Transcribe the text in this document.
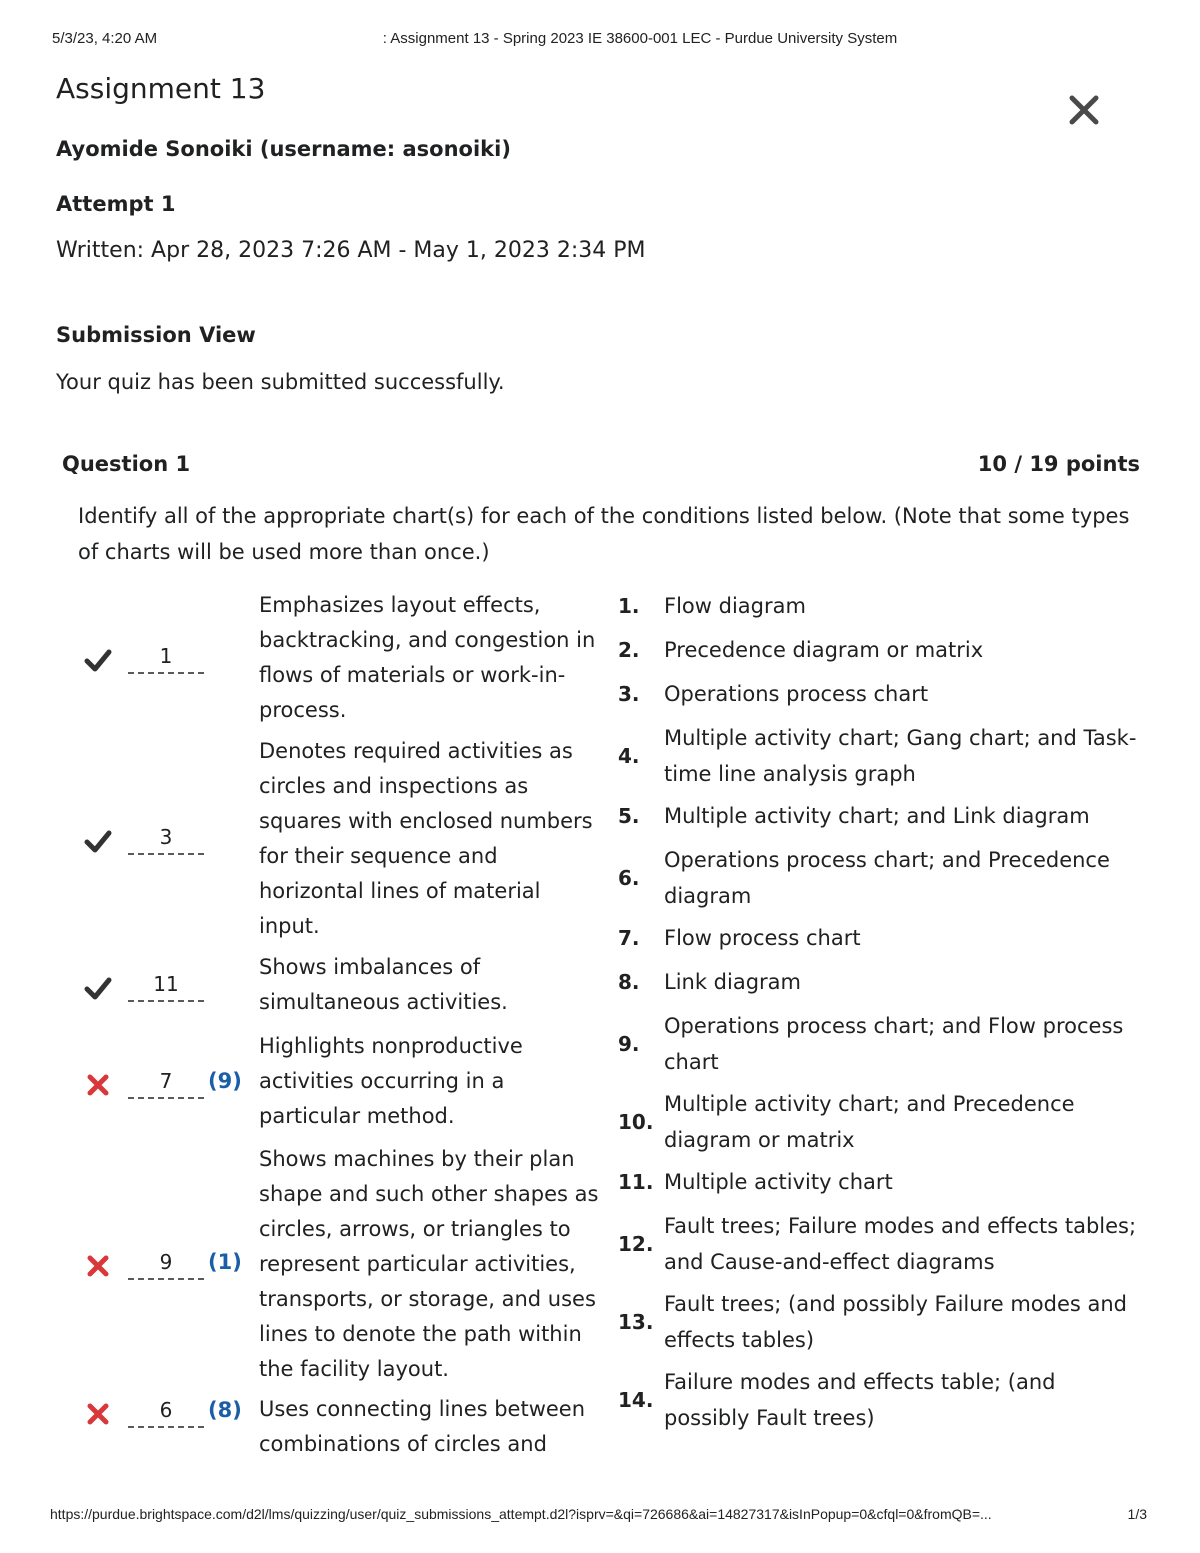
5/3/23, 4:20 AM	: Assignment 13 - Spring 2023 IE 38600-001 LEC - Purdue University System
Assignment 13
Ayomide Sonoiki (username: asonoiki)
Attempt 1
Written: Apr 28, 2023 7:26 AM - May 1, 2023 2:34 PM
Submission View
Your quiz has been submitted successfully.
Question 1	10 / 19 points
Identify all of the appropriate chart(s) for each of the conditions listed below. (Note that some types of charts will be used more than once.)
1
Emphasizes layout effects, backtracking, and congestion in flows of materials or work-in-process.
3
Denotes required activities as circles and inspections as squares with enclosed numbers for their sequence and horizontal lines of material input.
11
Shows imbalances of simultaneous activities.
7	(9)
Highlights nonproductive activities occurring in a particular method.
9	(1)
Shows machines by their plan shape and such other shapes as circles, arrows, or triangles to represent particular activities, transports, or storage, and uses lines to denote the path within the facility layout.
6	(8) Uses connecting lines between combinations of circles and
1.	Flow diagram
2.	Precedence diagram or matrix
3.	Operations process chart
4.
Multiple activity chart; Gang chart; and Task-time line analysis graph
5.	Multiple activity chart; and Link diagram
6.
Operations process chart; and Precedence diagram
7.	Flow process chart
8.	Link diagram
9.
Operations process chart; and Flow process chart
10.
Multiple activity chart; and Precedence diagram or matrix
11. Multiple activity chart
12.
Fault trees; Failure modes and effects tables; and Cause-and-effect diagrams
13.
Fault trees; (and possibly Failure modes and effects tables)
14.
Failure modes and effects table; (and possibly Fault trees)
https://purdue.brightspace.com/d2l/lms/quizzing/user/quiz_submissions_attempt.d2l?isprv=&qi=726686&ai=14827317&isInPopup=0&cfql=0&fromQB=...	1/3
